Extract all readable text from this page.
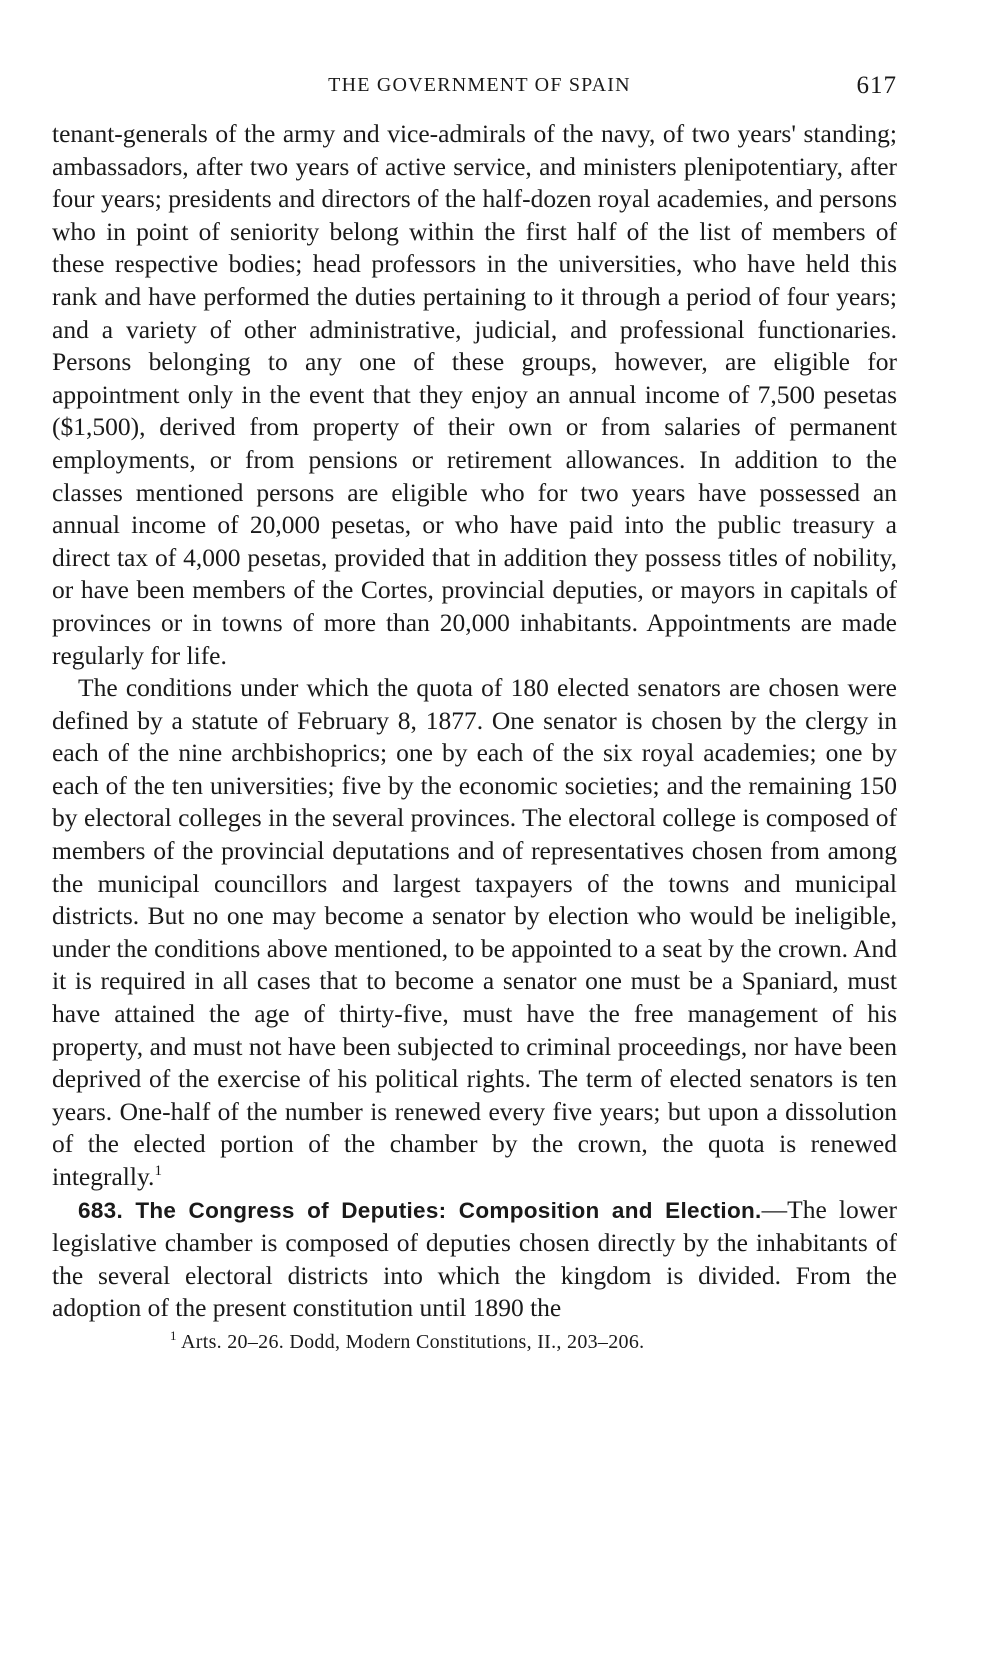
THE GOVERNMENT OF SPAIN	617

tenant-generals of the army and vice-admirals of the navy, of two years' standing; ambassadors, after two years of active service, and ministers plenipotentiary, after four years; presidents and directors of the half-dozen royal academies, and persons who in point of seniority belong within the first half of the list of members of these respective bodies; head professors in the universities, who have held this rank and have performed the duties pertaining to it through a period of four years; and a variety of other administrative, judicial, and professional functionaries. Persons belonging to any one of these groups, however, are eligible for appointment only in the event that they enjoy an annual income of 7,500 pesetas ($1,500), derived from property of their own or from salaries of permanent employments, or from pensions or retirement allowances. In addition to the classes mentioned persons are eligible who for two years have possessed an annual income of 20,000 pesetas, or who have paid into the public treasury a direct tax of 4,000 pesetas, provided that in addition they possess titles of nobility, or have been members of the Cortes, provincial deputies, or mayors in capitals of provinces or in towns of more than 20,000 inhabitants. Appointments are made regularly for life.

The conditions under which the quota of 180 elected senators are chosen were defined by a statute of February 8, 1877. One senator is chosen by the clergy in each of the nine archbishoprics; one by each of the six royal academies; one by each of the ten universities; five by the economic societies; and the remaining 150 by electoral colleges in the several provinces. The electoral college is composed of members of the provincial deputations and of representatives chosen from among the municipal councillors and largest taxpayers of the towns and municipal districts. But no one may become a senator by election who would be ineligible, under the conditions above mentioned, to be appointed to a seat by the crown. And it is required in all cases that to become a senator one must be a Spaniard, must have attained the age of thirty-five, must have the free management of his property, and must not have been subjected to criminal proceedings, nor have been deprived of the exercise of his political rights. The term of elected senators is ten years. One-half of the number is renewed every five years; but upon a dissolution of the elected portion of the chamber by the crown, the quota is renewed integrally.$^1$

683. The Congress of Deputies: Composition and Election.—The lower legislative chamber is composed of deputies chosen directly by the inhabitants of the several electoral districts into which the kingdom is divided. From the adoption of the present constitution until 1890 the

$^1$ Arts. 20–26. Dodd, Modern Constitutions, II., 203–206.
